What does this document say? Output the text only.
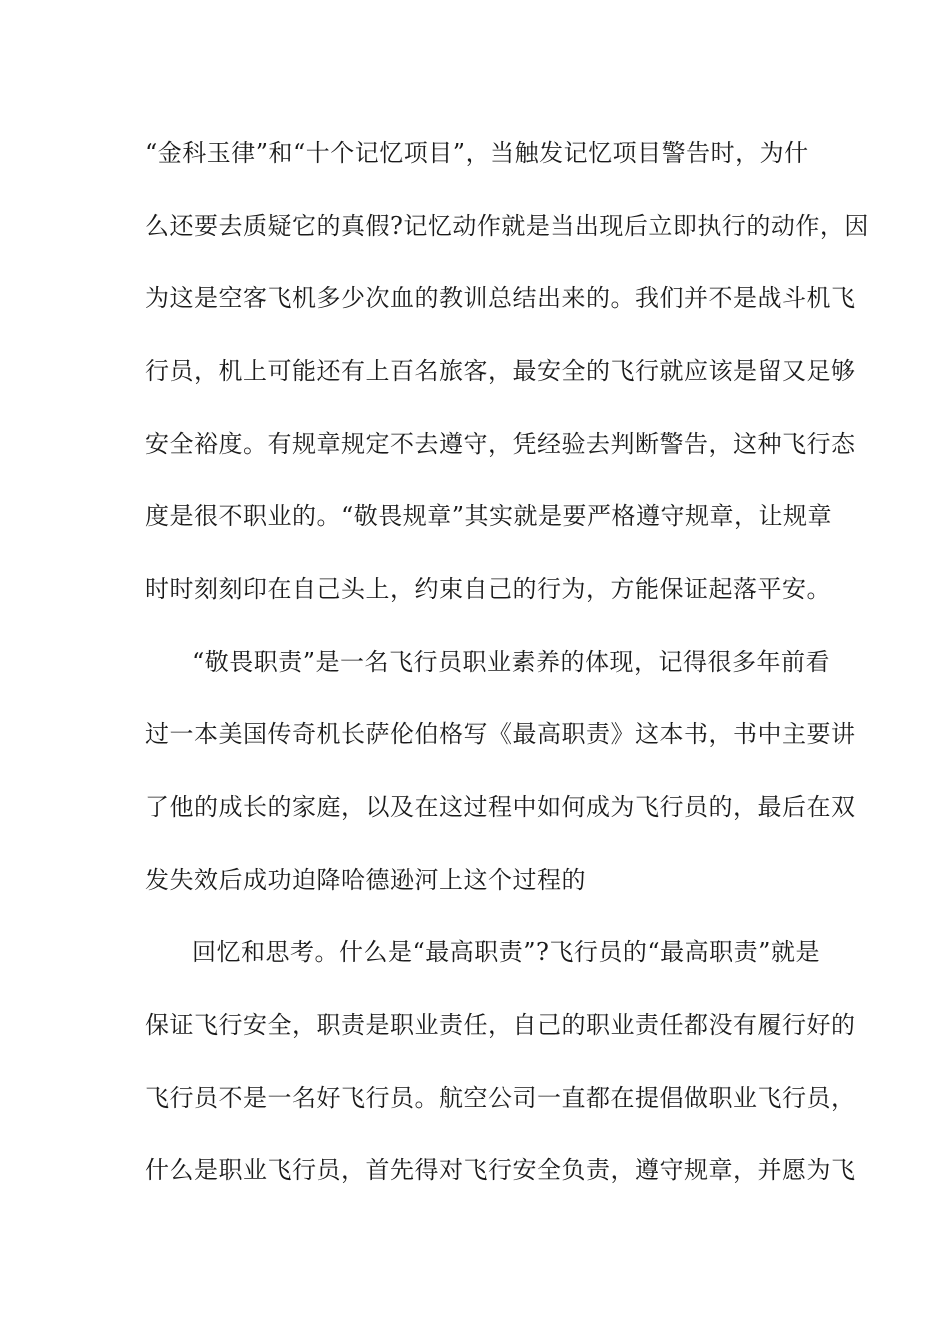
“金科玉律”和“十个记忆项目”，当触发记忆项目警告时，为什
么还要去质疑它的真假?记忆动作就是当出现后立即执行的动作，因
为这是空客飞机多少次血的教训总结出来的。我们并不是战斗机飞
行员，机上可能还有上百名旅客，最安全的飞行就应该是留又足够
安全裕度。有规章规定不去遵守，凭经验去判断警告，这种飞行态
度是很不职业的。“敬畏规章”其实就是要严格遵守规章，让规章
时时刻刻印在自己头上，约束自己的行为，方能保证起落平安。
“敬畏职责”是一名飞行员职业素养的体现，记得很多年前看
过一本美国传奇机长萨伦伯格写《最高职责》这本书，书中主要讲
了他的成长的家庭，以及在这过程中如何成为飞行员的，最后在双
发失效后成功迫降哈德逊河上这个过程的
回忆和思考。什么是“最高职责”?飞行员的“最高职责”就是
保证飞行安全，职责是职业责任，自己的职业责任都没有履行好的
飞行员不是一名好飞行员。航空公司一直都在提倡做职业飞行员，
什么是职业飞行员，首先得对飞行安全负责，遵守规章，并愿为飞
